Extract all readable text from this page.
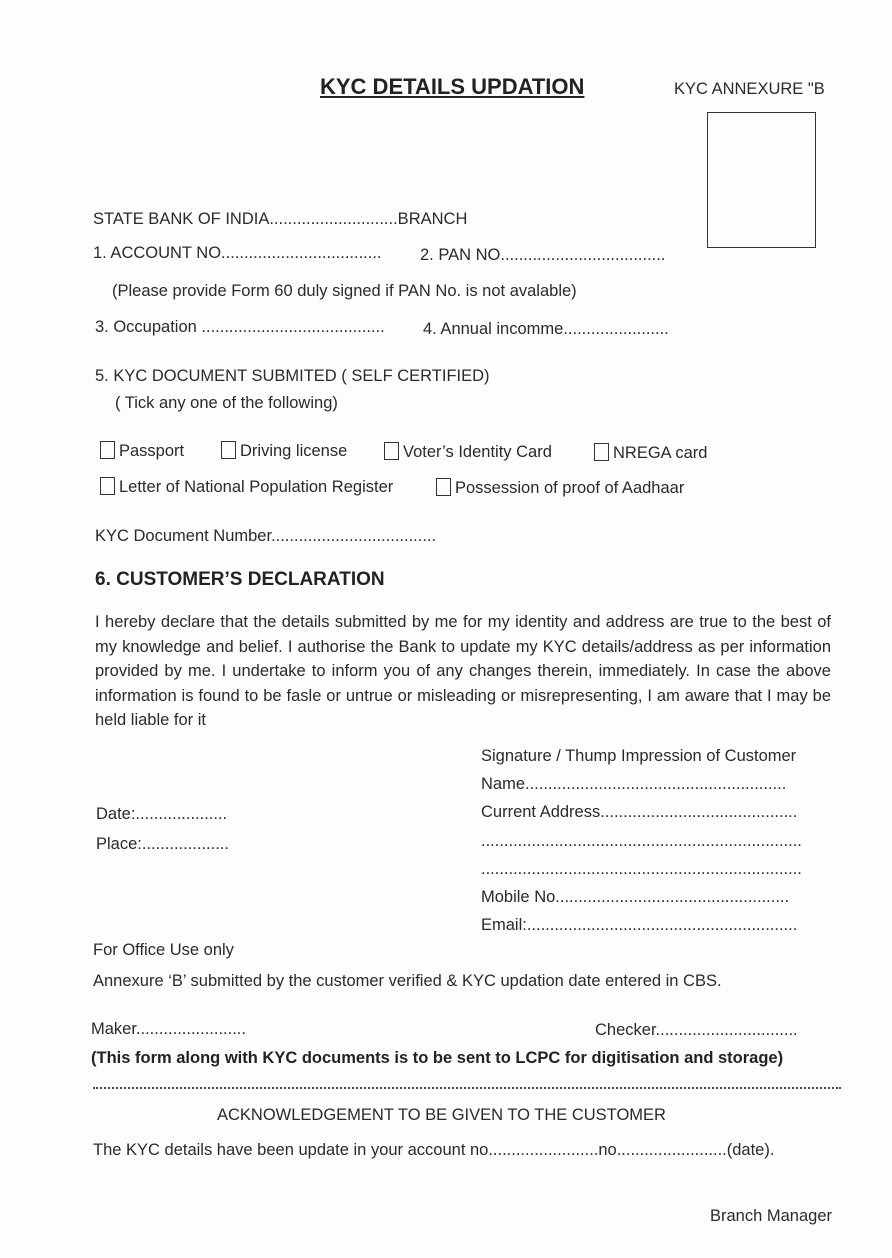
KYC DETAILS UPDATION	KYC ANNEXURE "B
STATE BANK OF INDIA............................BRANCH
1. ACCOUNT NO................................... 2. PAN NO....................................
(Please provide Form 60 duly signed if PAN No. is not avalable)
3. Occupation ........................................ 4. Annual incomme.......................
5. KYC DOCUMENT SUBMITED ( SELF CERTIFIED)
( Tick any one of the following)
Passport	Driving license	Voter’s Identity Card	NREGA card
Letter of National Population Register	Possession of proof of Aadhaar
KYC Document Number....................................
6. CUSTOMER’S DECLARATION
I hereby declare that the details submitted by me for my identity and address are true to the best of my knowledge and belief. I authorise the Bank to update my KYC details/address as per information provided by me. I undertake to inform you of any changes therein, immediately. In case the above information is found to be fasle or untrue or misleading or misrepresenting, I am aware that I may be held liable for it
Signature / Thump Impression of Customer
Name.........................................................
Current Address...........................................
......................................................................
......................................................................
Mobile No...................................................
Email:...........................................................
Date:....................
Place:...................
For Office Use only
Annexure ‘B’ submitted by the customer verified & KYC updation date entered in CBS.
Maker........................	Checker...............................
(This form along with KYC documents is to be sent to LCPC for digitisation and storage)
ACKNOWLEDGEMENT TO BE GIVEN TO THE CUSTOMER
The KYC details have been update in your account no........................no........................(date).
Branch Manager
